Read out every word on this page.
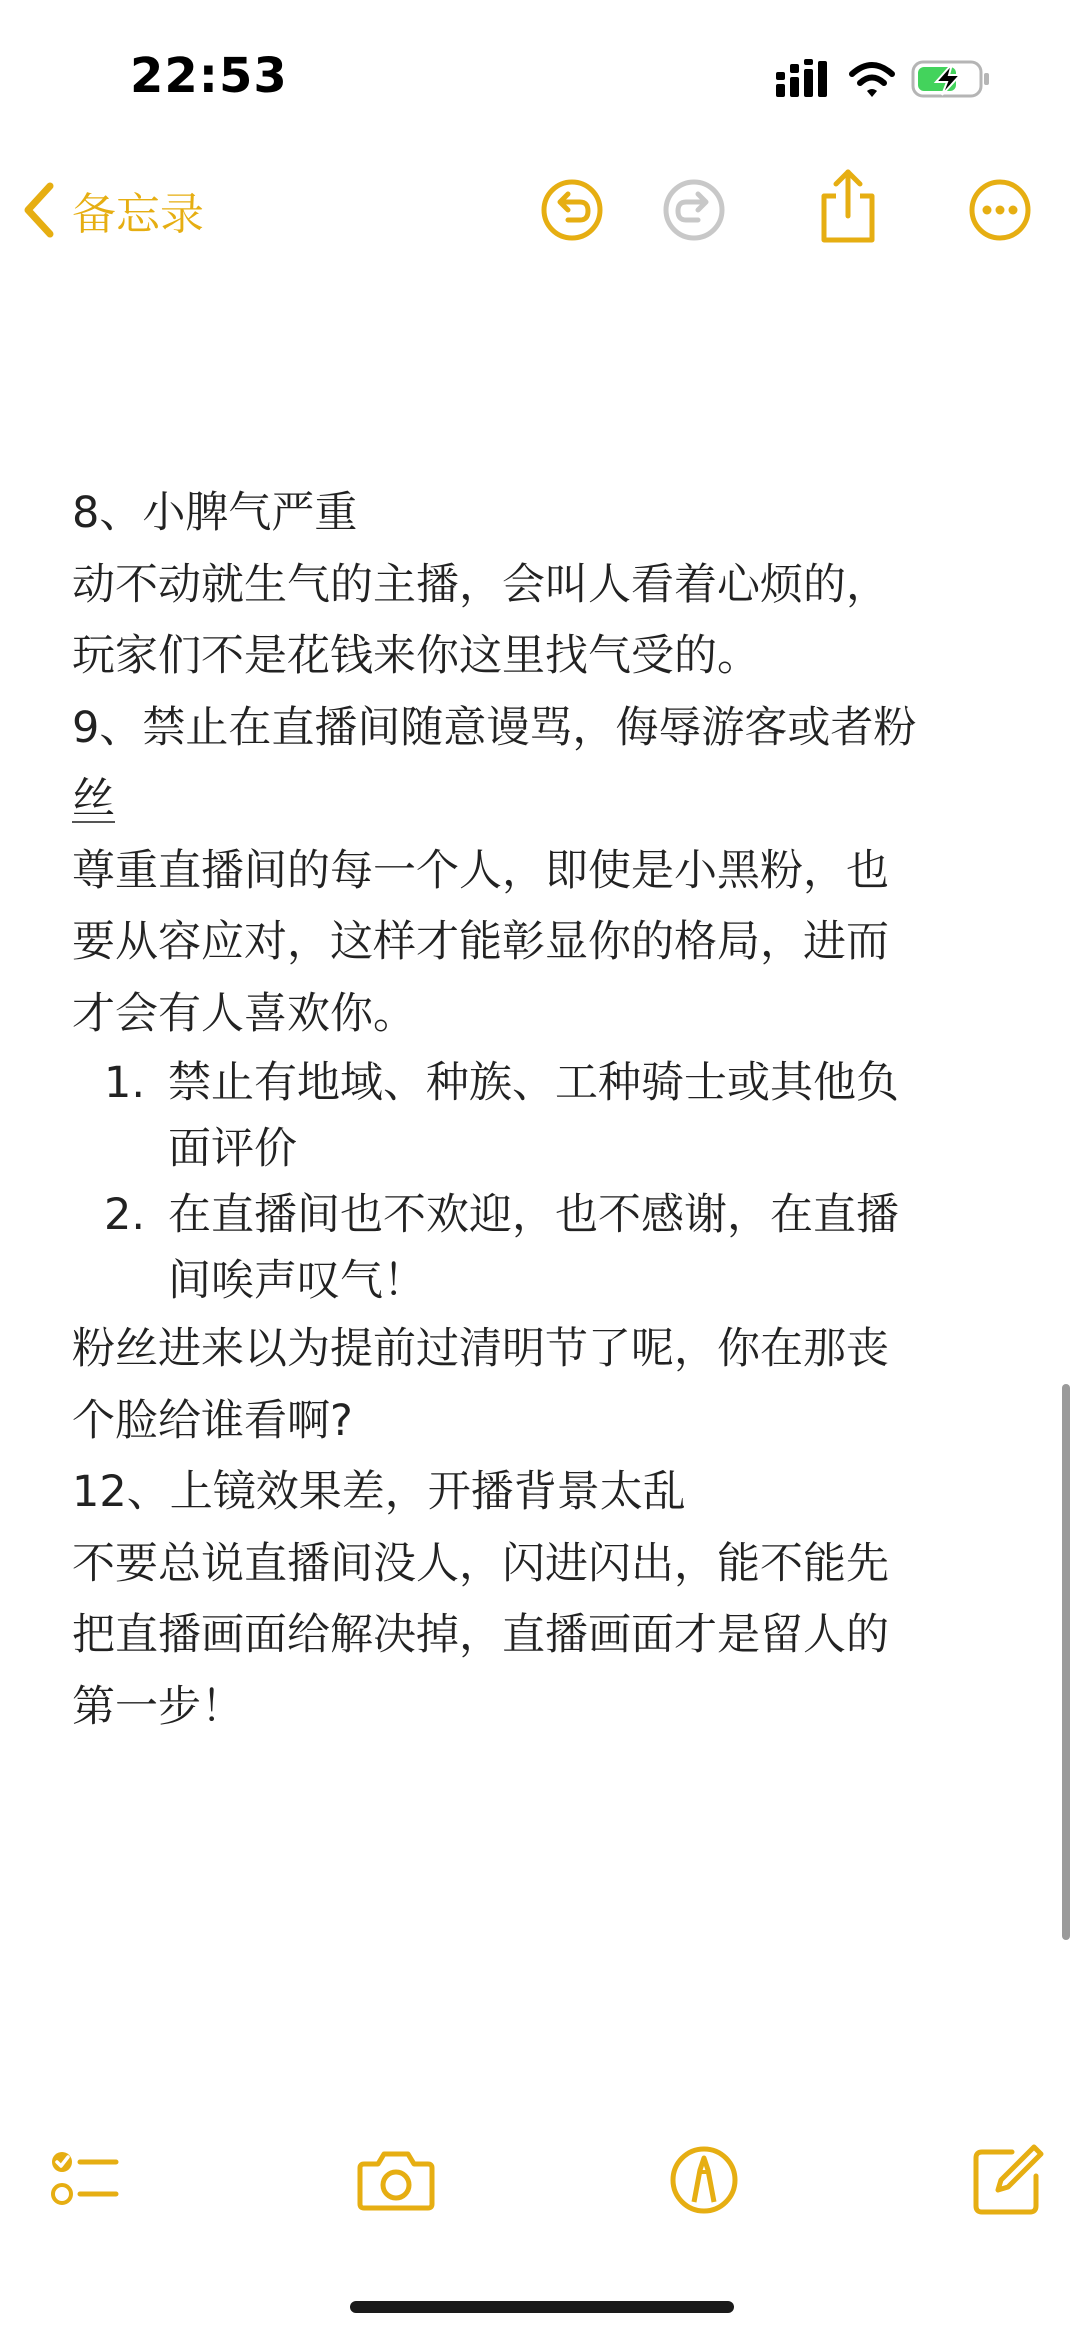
22:53
备忘录

8、小脾气严重

动不动就生气的主播，会叫人看着心烦的，

玩家们不是花钱来你这里找气受的。

9、禁止在直播间随意谩骂，侮辱游客或者粉

丝

尊重直播间的每一个人，即使是小黑粉，也

要从容应对，这样才能彰显你的格局，进而

才会有人喜欢你。

1. 禁止有地域、种族、工种骑士或其他负
面评价
2. 在直播间也不欢迎，也不感谢，在直播
间唉声叹气！

粉丝进来以为提前过清明节了呢，你在那丧

个脸给谁看啊?

12、上镜效果差，开播背景太乱

不要总说直播间没人，闪进闪出，能不能先

把直播画面给解决掉，直播画面才是留人的

第一步！
